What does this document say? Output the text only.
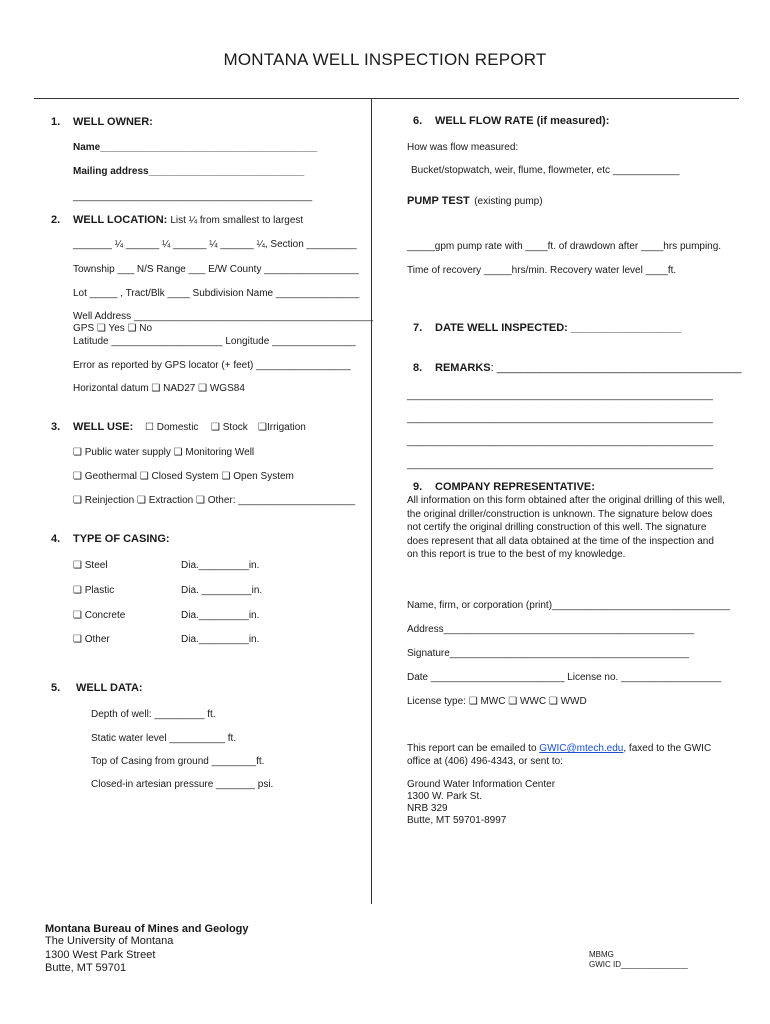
MONTANA WELL INSPECTION REPORT
1. WELL OWNER:
Name_______________________________________
Mailing address____________________________
___________________________________________
2. WELL LOCATION: List ¼ from smallest to largest
_______ ¼ ______ ¼ ______ ¼ ______ ¼, Section _________
Township ___ N/S Range ___ E/W County _________________
Lot _____ , Tract/Blk ____ Subdivision Name _______________
Well Address ___________________________________________
GPS ❑ Yes ❑ No
Latitude ____________________ Longitude _______________
Error as reported by GPS locator (+ feet) _________________
Horizontal datum ❑ NAD27 ❑ WGS84
3. WELL USE: ☐ Domestic ❑ Stock ❑Irrigation
❑ Public water supply ❑ Monitoring Well
❑ Geothermal ❑ Closed System ❑ Open System
❑ Reinjection ❑ Extraction ❑ Other: _____________________
4. TYPE OF CASING:
❑ Steel	Dia._________in.
❑ Plastic	Dia. _________in.
❑ Concrete	Dia._________in.
❑ Other	Dia._________in.
5. WELL DATA:
Depth of well: _________ ft.
Static water level __________ ft.
Top of Casing from ground ________ft.
Closed-in artesian pressure _______ psi.
6. WELL FLOW RATE (if measured):
How was flow measured:
Bucket/stopwatch, weir, flume, flowmeter, etc ____________
PUMP TEST (existing pump)
_____gpm pump rate with ____ft. of drawdown after ____hrs pumping.
Time of recovery _____hrs/min. Recovery water level ____ft.
7. DATE WELL INSPECTED: __________________
8. REMARKS: ________________________________________
_______________________________________________________
_______________________________________________________
_______________________________________________________
_______________________________________________________
9. COMPANY REPRESENTATIVE:
All information on this form obtained after the original drilling of this well, the original driller/construction is unknown. The signature below does not certify the original drilling construction of this well. The signature does represent that all data obtained at the time of the inspection and on this report is true to the best of my knowledge.
Name, firm, or corporation (print)________________________________
Address_____________________________________________
Signature___________________________________________
Date ________________________ License no. __________________
License type: ❑ MWC ❑ WWC ❑ WWD
This report can be emailed to GWIC@mtech.edu, faxed to the GWIC
office at (406) 496-4343, or sent to:
Ground Water Information Center
1300 W. Park St.
NRB 329
Butte, MT 59701-8997
Montana Bureau of Mines and Geology
The University of Montana
1300 West Park Street
Butte, MT 59701
MBMG
GWIC ID_______________
